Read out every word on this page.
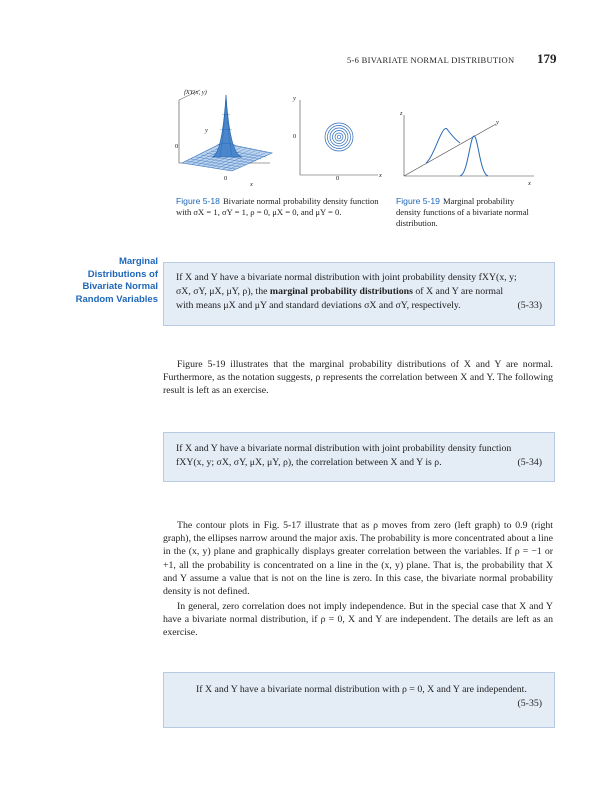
5-6 BIVARIATE NORMAL DISTRIBUTION 179
fXY(x, y)
y
0
0
x
y
0
0	x
z
y
x
Figure 5-18 Bivariate normal probability density function with σX = 1, σY = 1, ρ = 0, μX = 0, and μY = 0.
Figure 5-19 Marginal probability density functions of a bivariate normal distribution.
Marginal
Distributions of
Bivariate Normal
Random Variables
If X and Y have a bivariate normal distribution with joint probability density fXY(x, y;
σX, σY, μX, μY, ρ), the marginal probability distributions of X and Y are normal
with means μX and μY and standard deviations σX and σY, respectively.	(5-33)
Figure 5-19 illustrates that the marginal probability distributions of X and Y are normal. Furthermore, as the notation suggests, ρ represents the correlation between X and Y. The following result is left as an exercise.
If X and Y have a bivariate normal distribution with joint probability density function
fXY(x, y; σX, σY, μX, μY, ρ), the correlation between X and Y is ρ.	(5-34)
The contour plots in Fig. 5-17 illustrate that as ρ moves from zero (left graph) to 0.9 (right graph), the ellipses narrow around the major axis. The probability is more concentrated about a line in the (x, y) plane and graphically displays greater correlation between the variables. If ρ = −1 or +1, all the probability is concentrated on a line in the (x, y) plane. That is, the probability that X and Y assume a value that is not on the line is zero. In this case, the bivariate normal probability density is not defined.
In general, zero correlation does not imply independence. But in the special case that X and Y have a bivariate normal distribution, if ρ = 0, X and Y are independent. The details are left as an exercise.
If X and Y have a bivariate normal distribution with ρ = 0, X and Y are independent.
(5-35)
